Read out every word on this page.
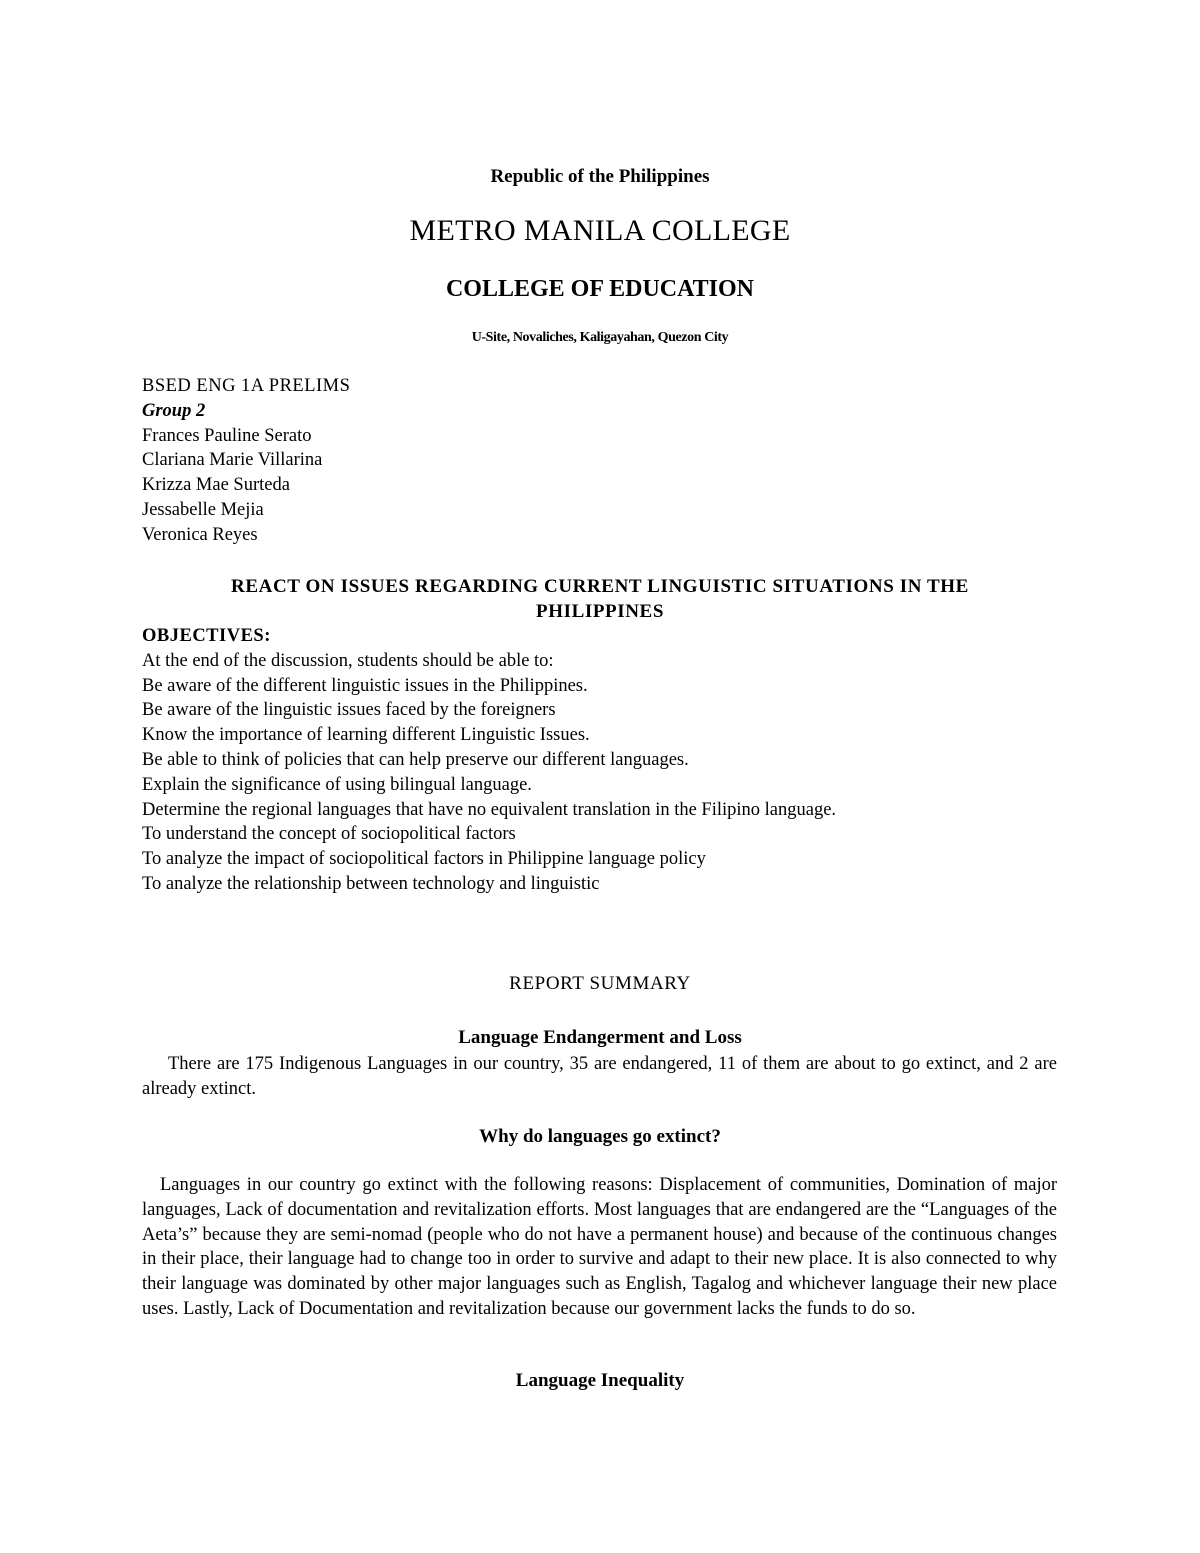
Republic of the Philippines

METRO MANILA COLLEGE

COLLEGE OF EDUCATION

U-Site, Novaliches, Kaligayahan, Quezon City

BSED ENG 1A PRELIMS
Group 2
Frances Pauline Serato
Clariana Marie Villarina
Krizza Mae Surteda
Jessabelle Mejia
Veronica Reyes
REACT ON ISSUES REGARDING CURRENT LINGUISTIC SITUATIONS IN THE
PHILIPPINES
OBJECTIVES:
At the end of the discussion, students should be able to:
Be aware of the different linguistic issues in the Philippines.
Be aware of the linguistic issues faced by the foreigners
Know the importance of learning different Linguistic Issues.
Be able to think of policies that can help preserve our different languages.
Explain the significance of using bilingual language.
Determine the regional languages that have no equivalent translation in the Filipino language.
To understand the concept of sociopolitical factors
To analyze the impact of sociopolitical factors in Philippine language policy
To analyze the relationship between technology and linguistic

REPORT SUMMARY

Language Endangerment and Loss

There are 175 Indigenous Languages in our country, 35 are endangered, 11 of them are about to go extinct, and 2 are already extinct.

Why do languages go extinct?

Languages in our country go extinct with the following reasons: Displacement of communities, Domination of major languages, Lack of documentation and revitalization efforts. Most languages that are endangered are the “Languages of the Aeta’s” because they are semi-nomad (people who do not have a permanent house) and because of the continuous changes in their place, their language had to change too in order to survive and adapt to their new place. It is also connected to why their language was dominated by other major languages such as English, Tagalog and whichever language their new place uses. Lastly, Lack of Documentation and revitalization because our government lacks the funds to do so.

Language Inequality
